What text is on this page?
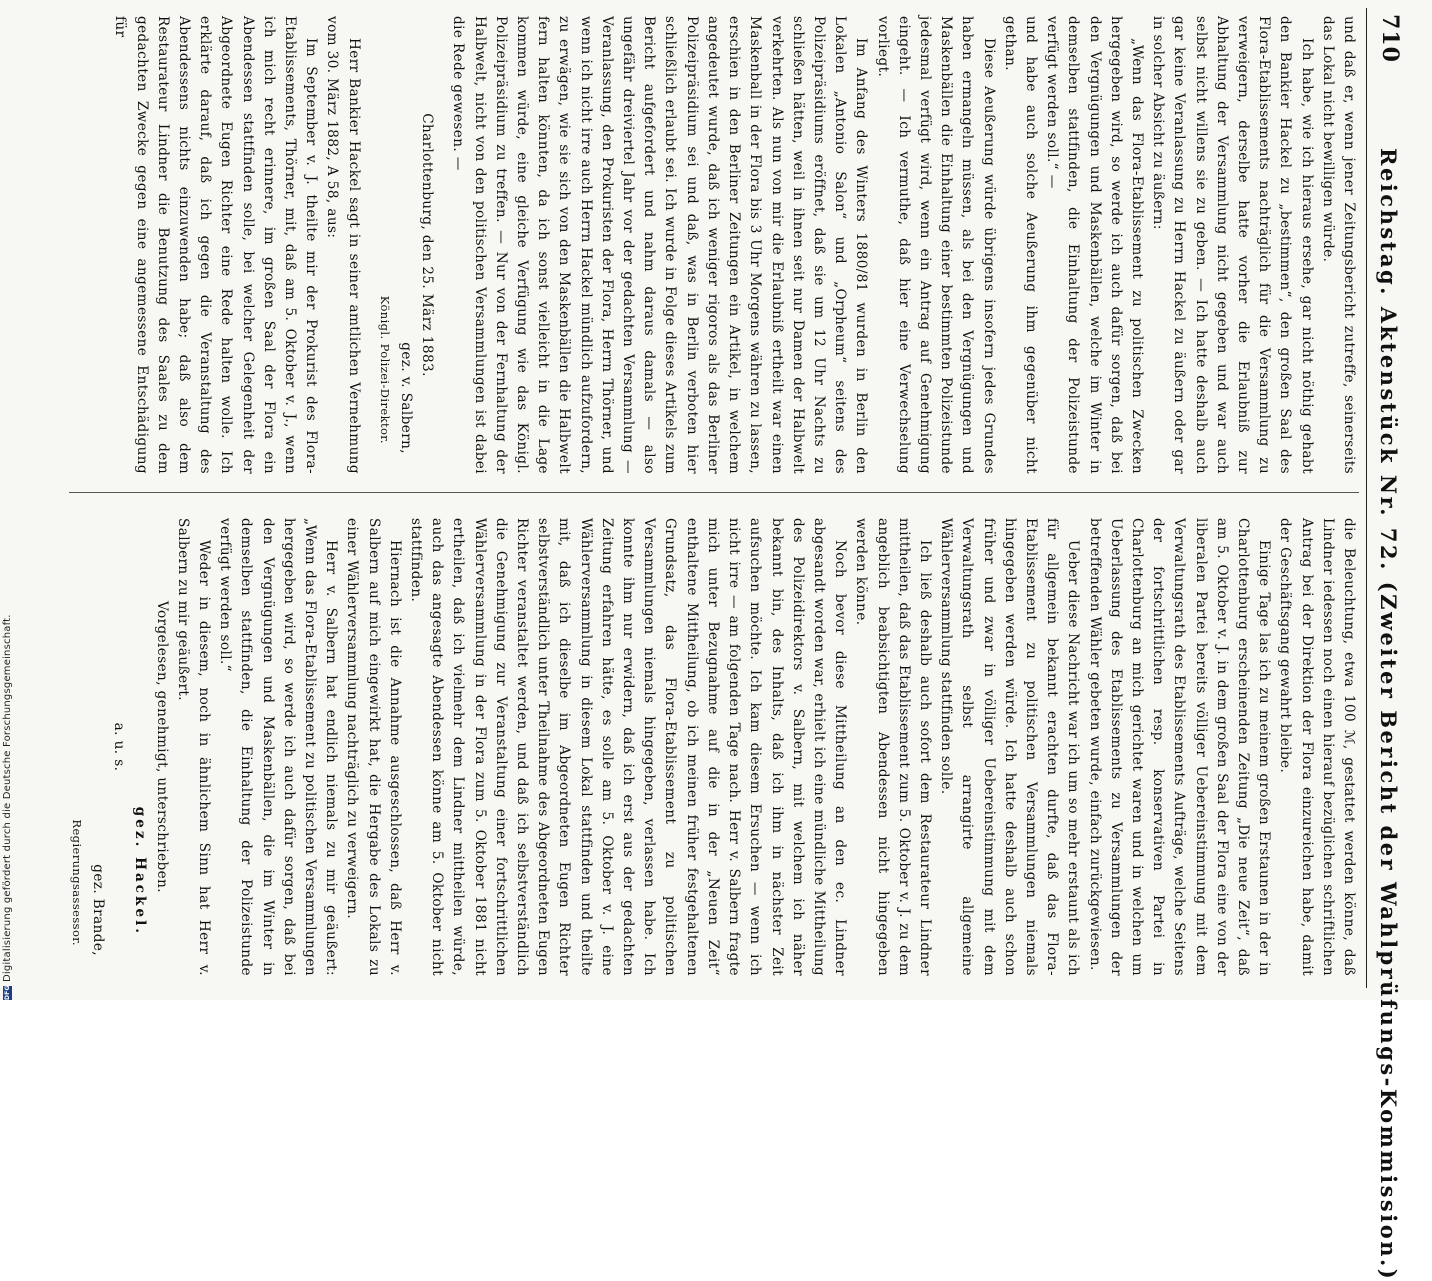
710
Reichstag. Aktenstück Nr. 72. (Zweiter Bericht der Wahlprüfungs-Kommission.)

und daß er, wenn jener Zeitungsbericht zutreffe, seinerseits das Lokal nicht bewilligen würde.

Ich habe, wie ich hieraus ersehe, gar nicht nöthig gehabt den Bankier Hackel zu „bestimmen“, den großen Saal des Flora-Etablissements nachträglich für die Versammlung zu verweigern, derselbe hatte vorher die Erlaubniß zur Abhaltung der Versammlung nicht gegeben und war auch selbst nicht willens sie zu geben. — Ich hatte deshalb auch gar keine Veranlassung zu Herrn Hackel zu äußern oder gar in solcher Absicht zu äußern:

„Wenn das Flora-Etablissement zu politischen Zwecken hergegeben wird, so werde ich auch dafür sorgen, daß bei den Vergnügungen und Maskenbällen, welche im Winter in demselben stattfinden, die Einhaltung der Polizeistunde verfügt werden soll.“ —

und habe auch solche Aeußerung ihm gegenüber nicht gethan.

Diese Aeußerung würde übrigens insofern jedes Grundes haben ermangeln müssen, als bei den Vergnügungen und Maskenbällen die Einhaltung einer bestimmten Polizeistunde jedesmal verfügt wird, wenn ein Antrag auf Genehmigung eingeht. — Ich vermuthe, daß hier eine Verwechselung vorliegt.

Im Anfang des Winters 1880/81 wurden in Berlin den Lokalen „Antonio Salon“ und „Orpheum“ seitens des Polizeipräsidiums eröffnet, daß sie um 12 Uhr Nachts zu schließen hätten, weil in ihnen seit nur Damen der Halbwelt verkehrten. Als nun von mir die Erlaubniß ertheilt war einen Maskenball in der Flora bis 3 Uhr Morgens währen zu lassen, erschien in den Berliner Zeitungen ein Artikel, in welchem angedeutet wurde, daß ich weniger rigoros als das Berliner Polizeipräsidium sei und daß, was in Berlin verboten hier schließlich erlaubt sei. Ich wurde in Folge dieses Artikels zum Bericht aufgefordert und nahm daraus damals — also ungefähr dreiviertel Jahr vor der gedachten Versammlung — Veranlassung, den Prokuristen der Flora, Herrn Thörner, und wenn ich nicht irre auch Herrn Hackel mündlich aufzufordern, zu erwägen, wie sie sich von den Maskenbällen die Halbwelt fern halten könnten, da ich sonst vielleicht in die Lage kommen würde, eine gleiche Verfügung wie das Königl. Polizeipräsidium zu treffen. — Nur von der Fernhaltung der Halbwelt, nicht von den politischen Versammlungen ist dabei die Rede gewesen. —

Charlottenburg, den 25. März 1883.

gez. v. Salbern,

Königl. Polizei-Direktor.

Herr Bankier Hackel sagt in seiner amtlichen Vernehmung vom 30. März 1882, A 58, aus:

Im September v. J. theilte mir der Prokurist des Flora-Etablissements, Thörner, mit, daß am 5. Oktober v. J., wenn ich mich recht erinnere, im großen Saal der Flora ein Abendessen stattfinden solle, bei welcher Gelegenheit der Abgeordnete Eugen Richter eine Rede halten wolle. Ich erklärte darauf, daß ich gegen die Veranstaltung des Abendessens nichts einzuwenden habe; daß also dem Restaurateur Lindner die Benutzung des Saales zu dem gedachten Zwecke gegen eine angemessene Entschädigung für

die Beleuchtung, etwa 100 ℳ, gestattet werden könne, daß Lindner iedessen noch einen hierauf bezüglichen schriftlichen Antrag bei der Direktion der Flora einzureichen habe, damit der Geschäftsgang gewahrt bleibe.

Einige Tage las ich zu meinem großen Erstaunen in der in Charlottenburg erscheinenden Zeitung „Die neue Zeit“, daß am 5. Oktober v. J. in dem großen Saal der Flora eine von der liberalen Partei bereits völliger Uebereinstimmung mit dem Verwaltungsrath des Etablissements Aufträge, welche Seitens der fortschrittlichen resp. konservativen Partei in Charlottenburg an mich gerichtet waren und in welchen um Ueberlassung des Etablissements zu Versammlungen der betreffenden Wähler gebeten wurde, einfach zurückgewiesen.

Ueber diese Nachricht war ich um so mehr erstaunt als ich für allgemein bekannt erachten durfte, daß das Flora-Etablissement zu politischen Versammlungen niemals hingegeben werden würde. Ich hatte deshalb auch schon früher und zwar in völliger Uebereinstimmung mit dem Verwaltungsrath selbst arrangirte allgemeine Wählerversammlung stattfinden solle.

Ich ließ deshalb auch sofort dem Restaurateur Lindner mittheilen, daß das Etablissement zum 5. Oktober v. J. zu dem angeblich beabsichtigten Abendessen nicht hingegeben werden könne.

Noch bevor diese Mittheilung an den ec. Lindner abgesandt worden war, erhielt ich eine mündliche Mittheilung des Polizeidirektors v. Salbern, mit welchem ich näher bekannt bin, des Inhalts, daß ich ihm in nächster Zeit aufsuchen möchte. Ich kam diesem Ersuchen — wenn ich nicht irre — am folgenden Tage nach. Herr v. Salbern fragte mich unter Bezugnahme auf die in der „Neuen Zeit“ enthaltene Mittheilung, ob ich meinen früher festgehaltenen Grundsatz, das Flora-Etablissement zu politischen Versammlungen niemals hingegeben, verlassen habe. Ich konnte ihm nur erwidern, daß ich erst aus der gedachten Zeitung erfahren hätte, es solle am 5. Oktober v. J. eine Wählerversammlung in diesem Lokal stattfinden und theilte mit, daß ich dieselbe im Abgeordneten Eugen Richter selbstverständlich unter Theilnahme des Abgeordneten Eugen Richter veranstaltet werden, und daß ich selbstverständlich die Genehmigung zur Veranstaltung einer fortschrittlichen Wählerversammlung in der Flora zum 5. Oktober 1881 nicht ertheilen, daß ich vielmehr dem Lindner mittheilen würde, auch das angesagte Abendessen könne am 5. Oktober nicht stattfinden.

Hiernach ist die Annahme ausgeschlossen, daß Herr v. Salbern auf mich eingewirkt hat, die Hergabe des Lokals zu einer Wählerversammlung nachträglich zu verweigern.

Herr v. Salbern hat endlich niemals zu mir geäußert: „Wenn das Flora-Etablissement zu politischen Versammlungen hergegeben wird, so werde ich auch dafür sorgen, daß bei den Vergnügungen und Maskenbällen, die im Winter in demselben stattfinden, die Einhaltung der Polizeistunde verfügt werden soll.“

Weder in diesem, noch in ähnlichem Sinn hat Herr v. Salbern zu mir geäußert.

Vorgelesen, genehmigt, unterschrieben.

gez. Hackel.

a. u. s.

gez. Brande,

Regierungsassessor.

DFGDigitalisierung gefördert durch die Deutsche Forschungsgemeinschaft.
